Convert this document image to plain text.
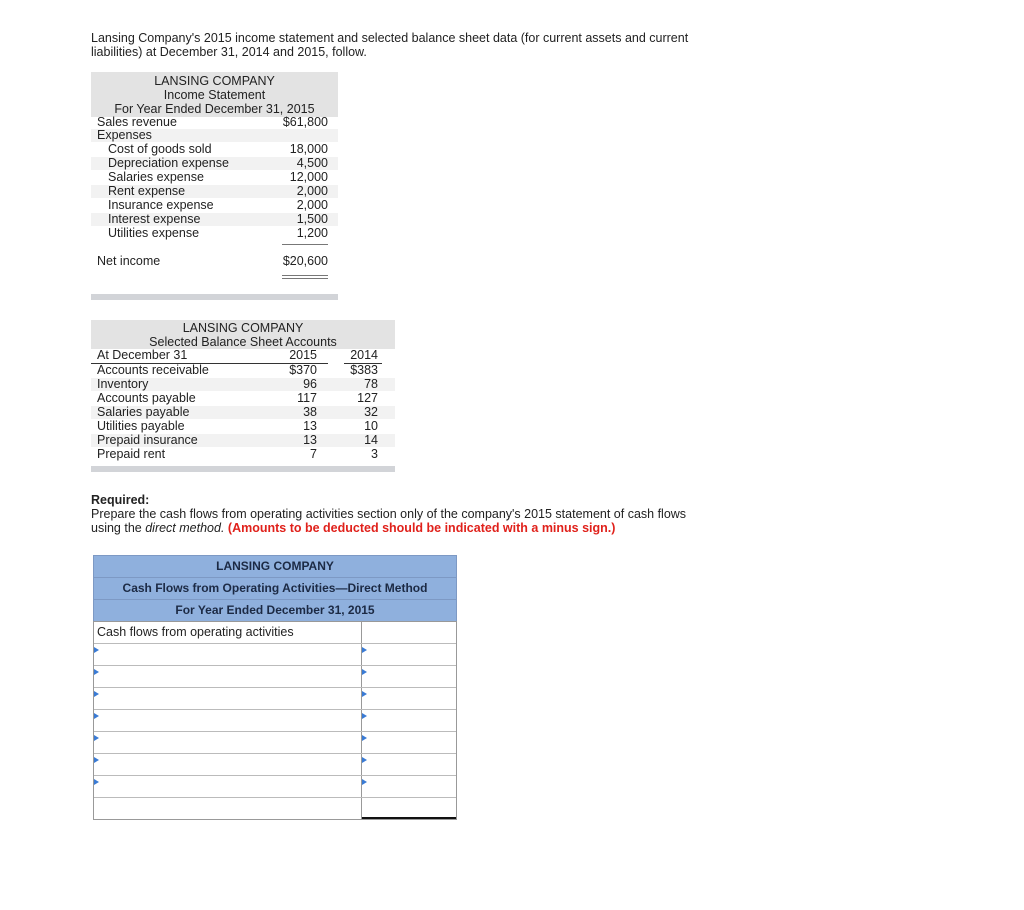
Lansing Company's 2015 income statement and selected balance sheet data (for current assets and current liabilities) at December 31, 2014 and 2015, follow.
LANSING COMPANY
Income Statement
For Year Ended December 31, 2015
Sales revenue	$61,800
Expenses
Cost of goods sold	18,000
Depreciation expense	4,500
Salaries expense	12,000
Rent expense	2,000
Insurance expense	2,000
Interest expense	1,500
Utilities expense	1,200
Net income	$20,600
LANSING COMPANY
Selected Balance Sheet Accounts
At December 31	2015	2014
Accounts receivable	$370	$383
Inventory	96	78
Accounts payable	117	127
Salaries payable	38	32
Utilities payable	13	10
Prepaid insurance	13	14
Prepaid rent	7	3
Required:
Prepare the cash flows from operating activities section only of the company's 2015 statement of cash flows using the direct method. (Amounts to be deducted should be indicated with a minus sign.)
LANSING COMPANY
Cash Flows from Operating Activities—Direct Method
For Year Ended December 31, 2015
Cash flows from operating activities
